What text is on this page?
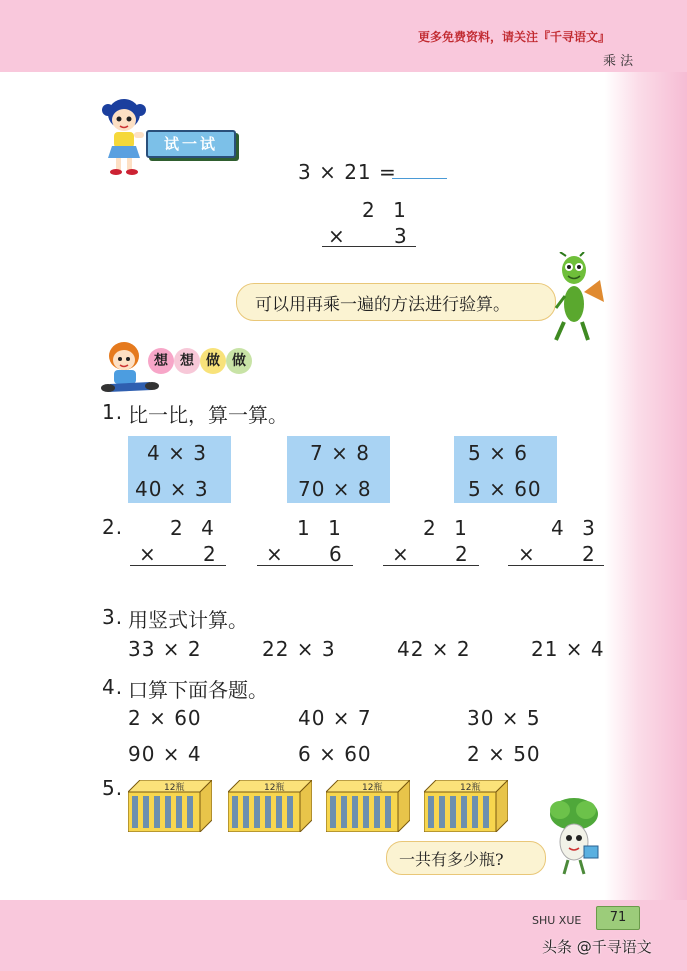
更多免费资料，请关注『千寻语文』
乘 法
试一试
3 × 21 =
2 1
× 3
可以用再乘一遍的方法进行验算。
想 想 做 做
1. 比一比，算一算。
4 × 3
40 × 3
7 × 8
70 × 8
5 × 6
5 × 60
2. 2 4
× 2
1 1
× 6
2 1
× 2
4 3
× 2
3. 用竖式计算。
33 × 2	22 × 3	42 × 2	21 × 4
4. 口算下面各题。
2 × 60	40 × 7	30 × 5
90 × 4	6 × 60	2 × 50
5.	12瓶	12瓶	12瓶	12瓶
一共有多少瓶?
SHU XUE	71
头条 @千寻语文
